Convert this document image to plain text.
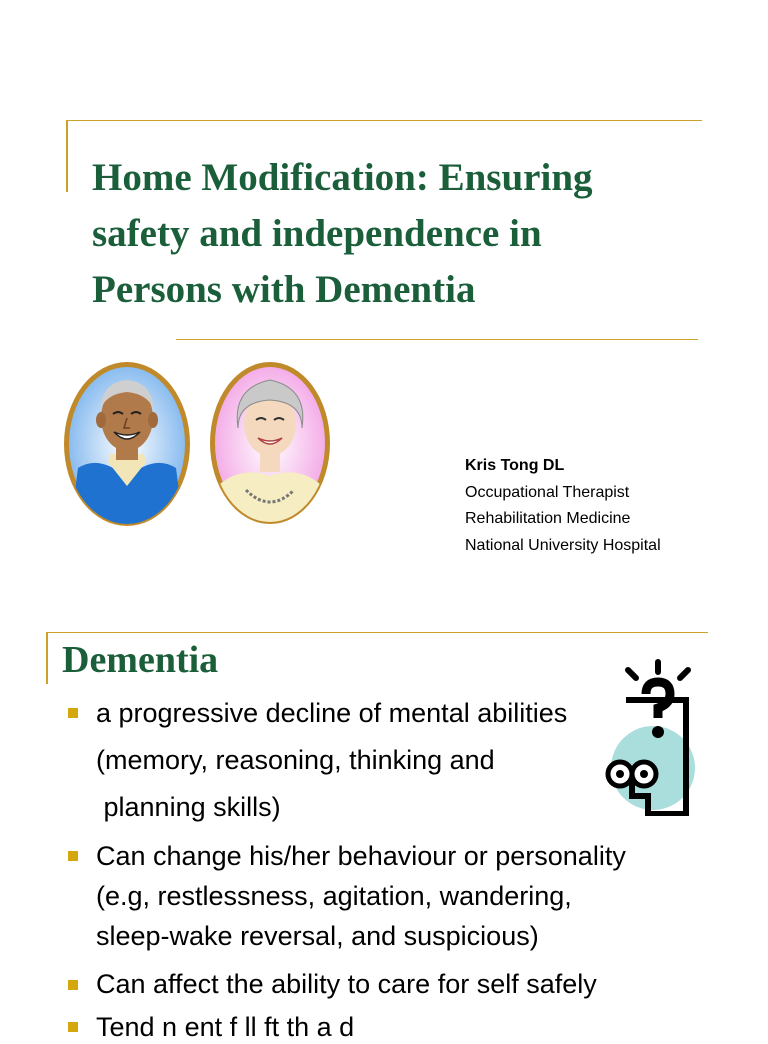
Home Modification: Ensuring
safety and independence in
Persons with Dementia
Kris Tong DL
Occupational Therapist
Rehabilitation Medicine
National University Hospital
Dementia
a progressive decline of mental abilities
(memory, reasoning, thinking and
planning skills)
Can change his/her behaviour or personality
(e.g, restlessness, agitation, wandering,
sleep-wake reversal, and suspicious)
Can affect the ability to care for self safely
Tend n ent f ll ft th a d
